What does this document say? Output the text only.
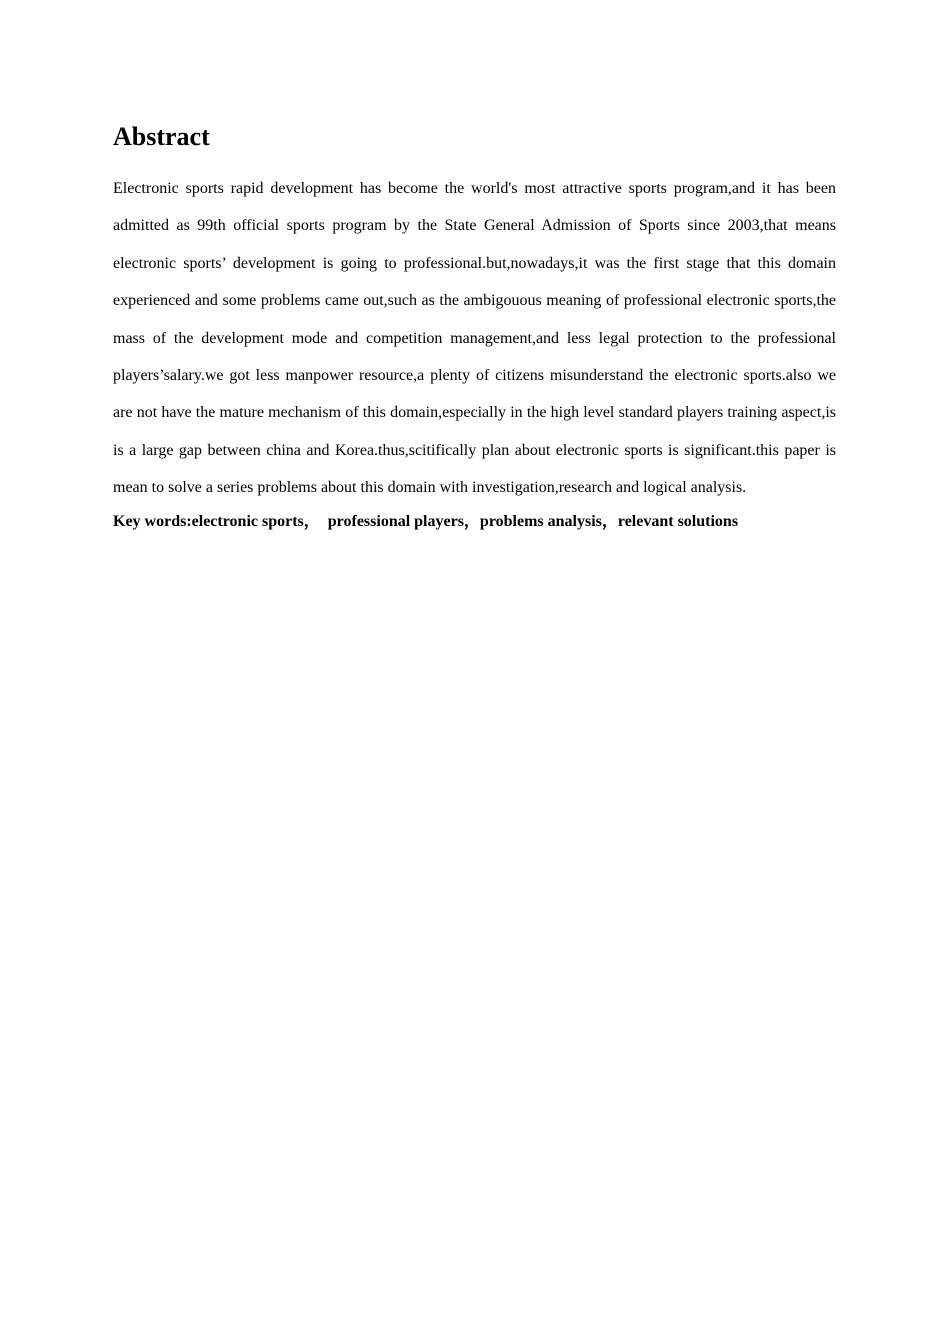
Abstract

Electronic sports rapid development has become the world's most attractive sports program,and it has been admitted as 99th official sports program by the State General Admission of Sports since 2003,that means electronic sports’ development is going to professional.but,nowadays,it was the first stage that this domain experienced and some problems came out,such as the ambigouous meaning of professional electronic sports,the mass of the development mode and competition management,and less legal protection to the professional players’salary.we got less manpower resource,a plenty of citizens misunderstand the electronic sports.also we are not have the mature mechanism of this domain,especially in the high level standard players training aspect,is is a large gap between china and Korea.thus,scitifically plan about electronic sports is significant.this paper is mean to solve a series problems about this domain with investigation,research and logical analysis.

Key words:electronic sports，  professional players，problems analysis，relevant solutions
